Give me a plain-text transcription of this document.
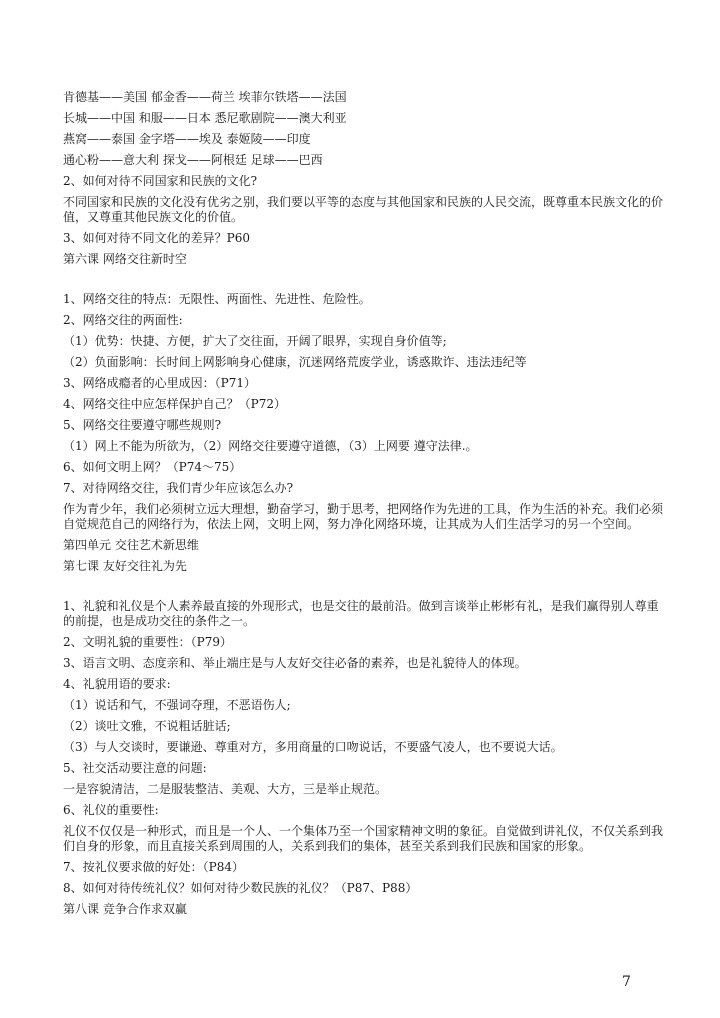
肯德基——美国 郁金香——荷兰 埃菲尔铁塔——法国
长城——中国 和服——日本 悉尼歌剧院——澳大利亚
燕窝——泰国 金字塔——埃及 泰姬陵——印度
通心粉——意大利 探戈——阿根廷 足球——巴西
2、如何对待不同国家和民族的文化?
不同国家和民族的文化没有优劣之别，我们要以平等的态度与其他国家和民族的人民交流，既尊重本民族文化的价值，又尊重其他民族文化的价值。
3、如何对待不同文化的差异？P60
第六课 网络交往新时空
1、网络交往的特点：无限性、两面性、先进性、危险性。
2、网络交往的两面性:
（1）优势：快捷、方便，扩大了交往面，开阔了眼界，实现自身价值等;
（2）负面影响：长时间上网影响身心健康，沉迷网络荒废学业，诱惑欺诈、违法违纪等
3、网络成瘾者的心里成因：（P71）
4、网络交往中应怎样保护自己？（P72）
5、网络交往要遵守哪些规则?
（1）网上不能为所欲为，（2）网络交往要遵守道德，（3）上网要 遵守法律.。
6、如何文明上网？（P74～75）
7、对待网络交往，我们青少年应该怎么办?
作为青少年，我们必须树立远大理想，勤奋学习，勤于思考，把网络作为先进的工具，作为生活的补充。我们必须自觉规范自己的网络行为，依法上网，文明上网，努力净化网络环境，让其成为人们生活学习的另一个空间。
第四单元 交往艺术新思维
第七课 友好交往礼为先
1、礼貌和礼仪是个人素养最直接的外现形式，也是交往的最前沿。做到言谈举止彬彬有礼，是我们赢得别人尊重的前提，也是成功交往的条件之一。
2、文明礼貌的重要性：（P79）
3、语言文明、态度亲和、举止端庄是与人友好交往必备的素养，也是礼貌待人的体现。
4、礼貌用语的要求:
（1）说话和气，不强词夺理，不恶语伤人;
（2）谈吐文雅，不说粗话脏话;
（3）与人交谈时，要谦逊、尊重对方，多用商量的口吻说话，不要盛气凌人，也不要说大话。
5、社交活动要注意的问题:
一是容貌清洁，二是服装整洁、美观、大方，三是举止规范。
6、礼仪的重要性:
礼仪不仅仅是一种形式，而且是一个人、一个集体乃至一个国家精神文明的象征。自觉做到讲礼仪，不仅关系到我们自身的形象，而且直接关系到周围的人，关系到我们的集体，甚至关系到我们民族和国家的形象。
7、按礼仪要求做的好处：（P84）
8、如何对待传统礼仪？如何对待少数民族的礼仪？（P87、P88）
第八课 竞争合作求双赢
7
